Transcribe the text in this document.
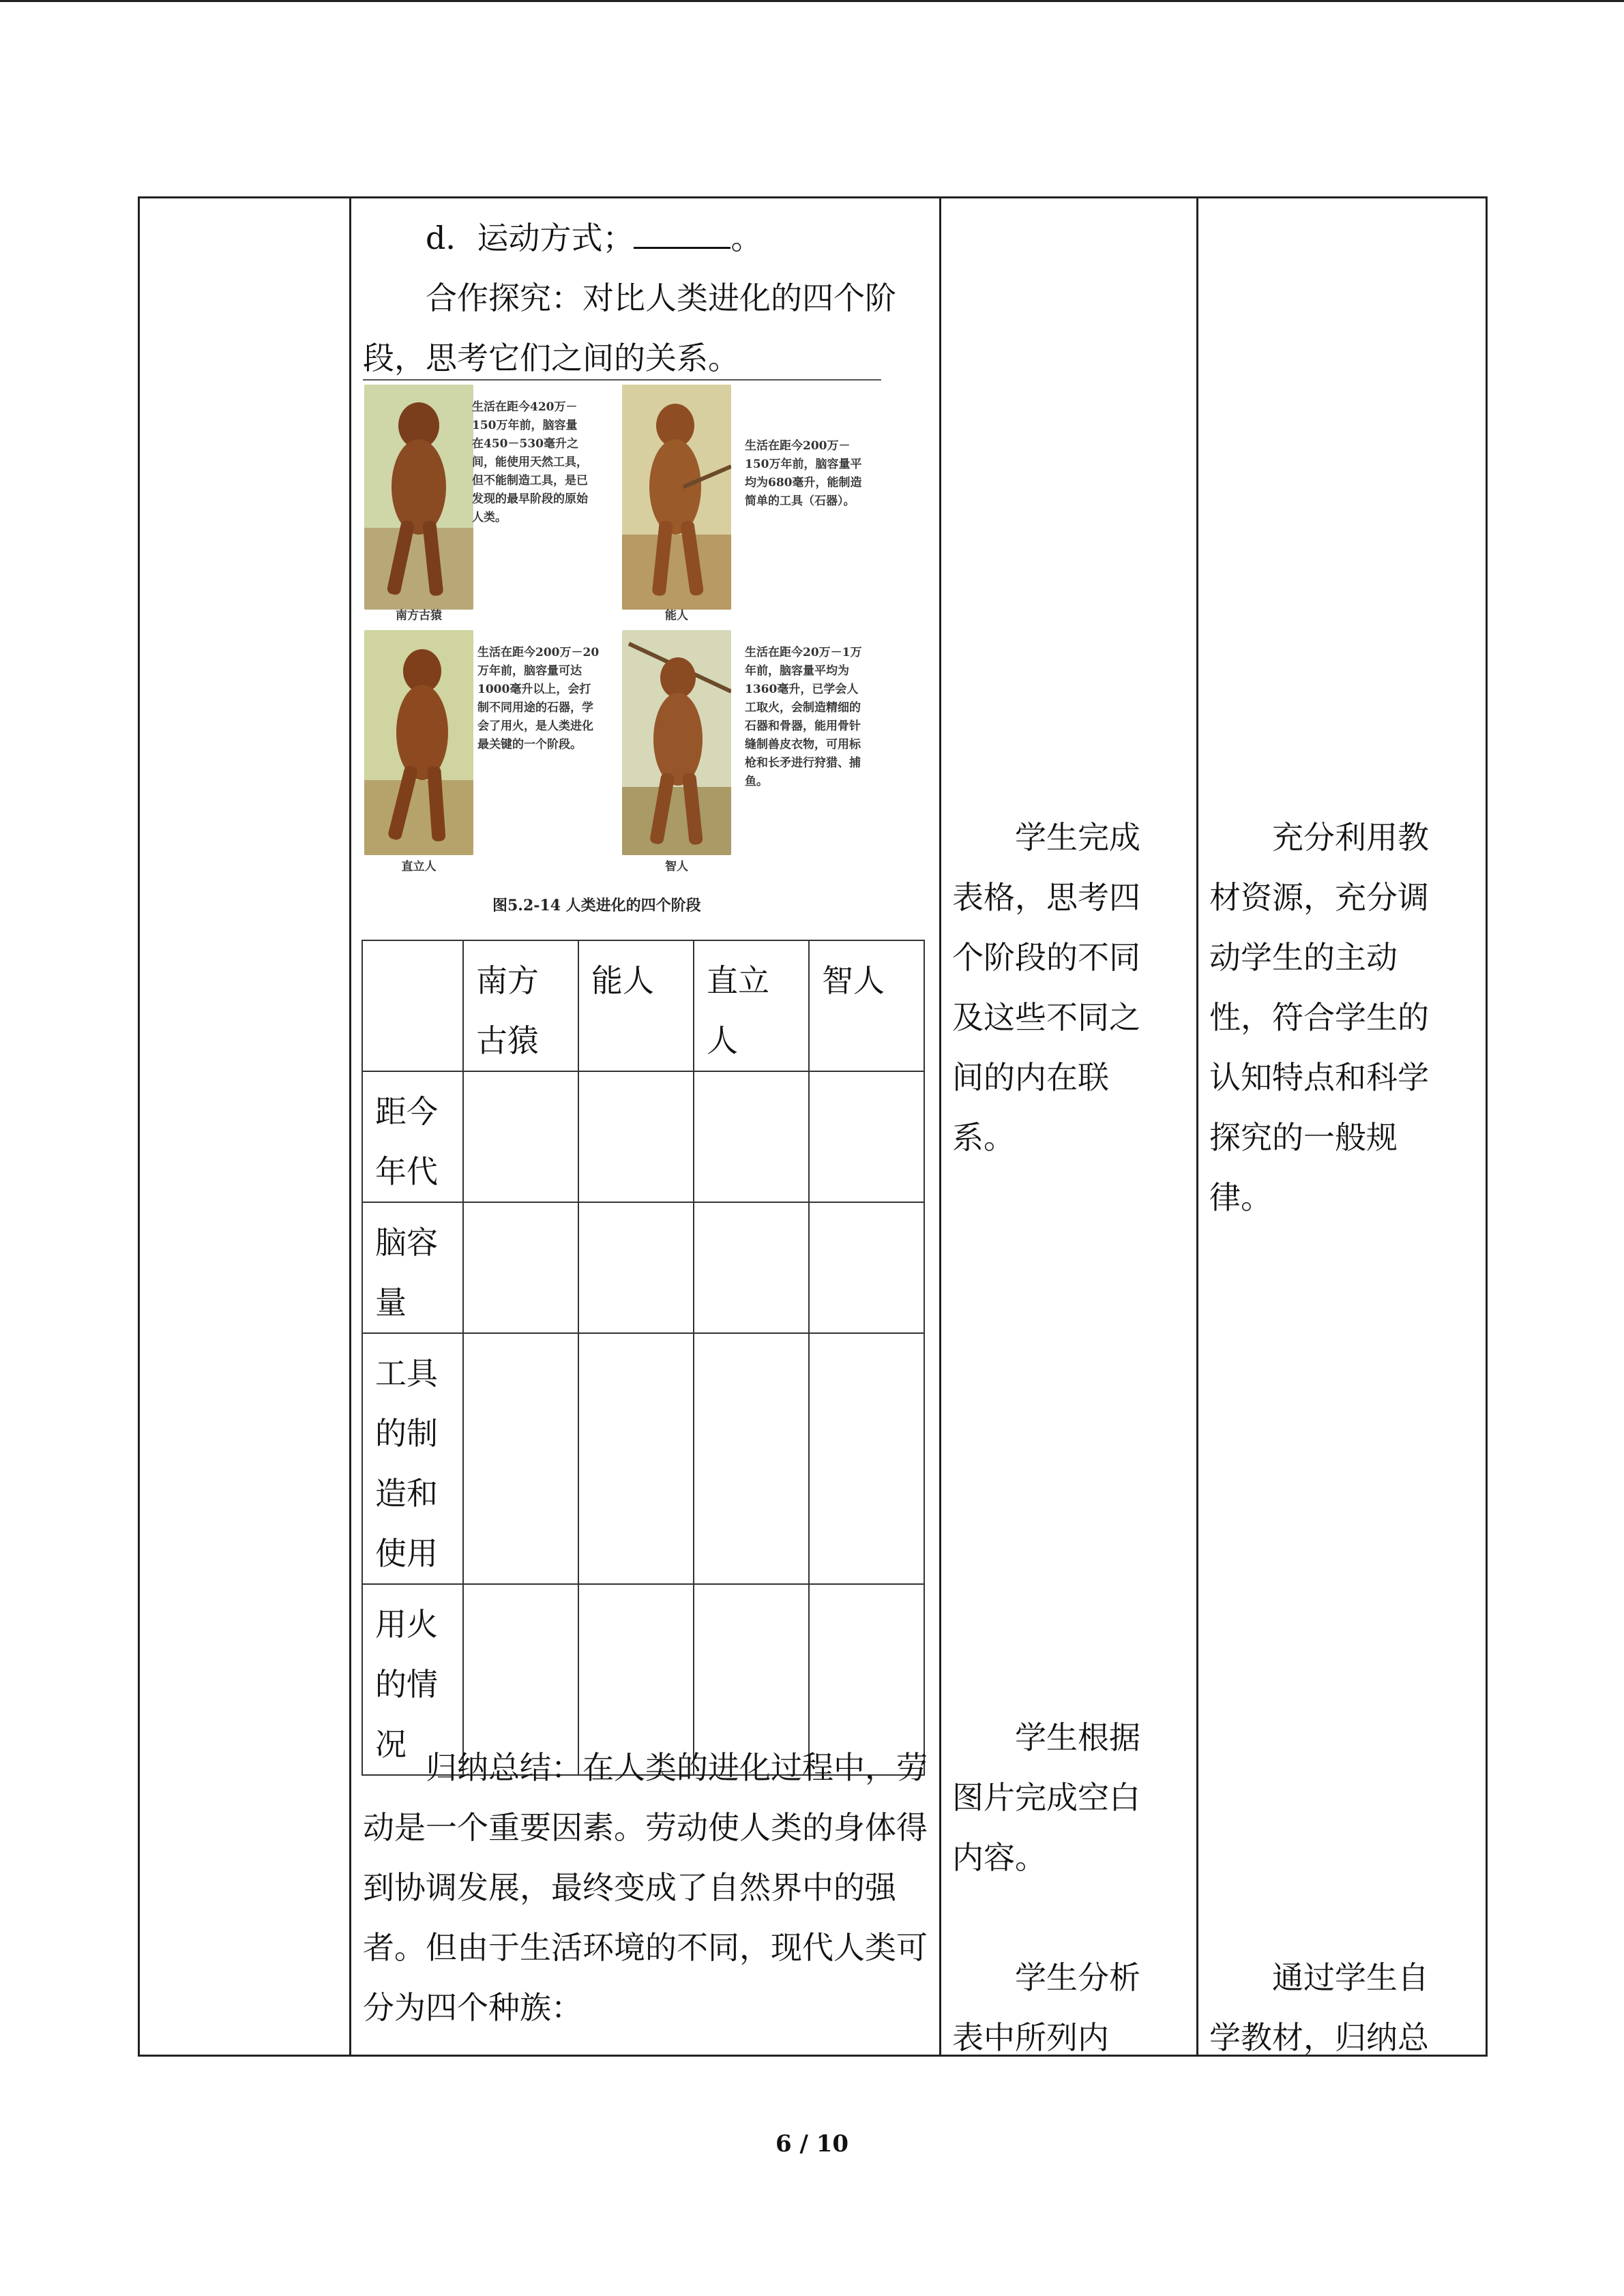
d．运动方式；	。

合作探究：对比人类进化的四个阶段，思考它们之间的关系。

南方古猿
生活在距今420万－150万年前，脑容量在450－530毫升之间，能使用天然工具，但不能制造工具，是已发现的最早阶段的原始人类。
能人
生活在距今200万－150万年前，脑容量平均为680毫升，能制造简单的工具（石器）。
直立人
生活在距今200万－20万年前，脑容量可达1000毫升以上，会打制不同用途的石器，学会了用火，是人类进化最关键的一个阶段。
智人
生活在距今20万－1万年前，脑容量平均为1360毫升，已学会人工取火，会制造精细的石器和骨器，能用骨针缝制兽皮衣物，可用标枪和长矛进行狩猎、捕鱼。
图5.2-14 人类进化的四个阶段
	南方古猿	能人	直立人	智人
距今年代				
脑容量				
工具的制造和使用				
用火的情况				

归纳总结：在人类的进化过程中，劳动是一个重要因素。劳动使人类的身体得到协调发展，最终变成了自然界中的强者。但由于生活环境的不同，现代人类可分为四个种族：

学生完成表格，思考四个阶段的不同及这些不同之间的内在联系。

学生根据图片完成空白内容。

学生分析表中所列内

充分利用教材资源，充分调动学生的主动性，符合学生的认知特点和科学探究的一般规律。

通过学生自学教材，归纳总

6 / 10
